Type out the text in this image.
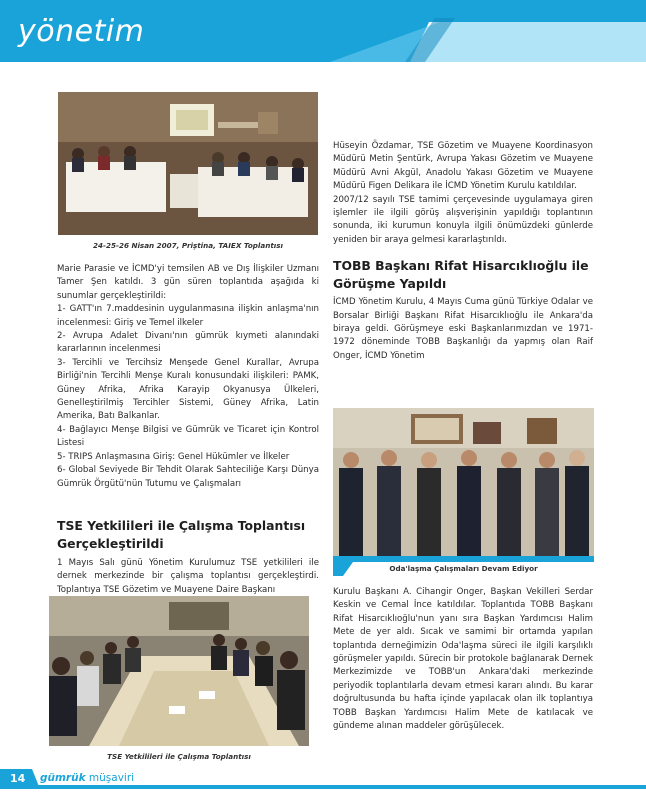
yönetim
24-25-26 Nisan 2007, Priştina, TAIEX Toplantısı

Marie Parasie ve İCMD'yi temsilen AB ve Dış İlişkiler Uzmanı Tamer Şen katıldı. 3 gün süren toplantıda aşağıda ki sunumlar gerçekleştirildi:

1- GATT'ın 7.maddesinin uygulanmasına ilişkin anlaşma'nın incelenmesi: Giriş ve Temel ilkeler

2- Avrupa Adalet Divanı'nın gümrük kıymeti alanındaki kararlarının incelenmesi

3- Tercihli ve Tercihsiz Menşede Genel Kurallar, Avrupa Birliği'nin Tercihli Menşe Kuralı konusundaki ilişkileri: PAMK, Güney Afrika, Afrika Karayip Okyanusya Ülkeleri, Genelleştirilmiş Tercihler Sistemi, Güney Afrika, Latin Amerika, Batı Balkanlar.

4- Bağlayıcı Menşe Bilgisi ve Gümrük ve Ticaret için Kontrol Listesi

5- TRIPS Anlaşmasına Giriş: Genel Hükümler ve İlkeler

6- Global Seviyede Bir Tehdit Olarak Sahteciliğe Karşı Dünya Gümrük Örgütü'nün Tutumu ve Çalışmaları

TSE Yetkilileri ile Çalışma Toplantısı Gerçekleştirildi

1 Mayıs Salı günü Yönetim Kurulumuz TSE yetkilileri ile dernek merkezinde bir çalışma toplantısı gerçekleştirdi. Toplantıya TSE Gözetim ve Muayene Daire Başkanı

TSE Yetkilileri ile Çalışma Toplantısı

Hüseyin Özdamar, TSE Gözetim ve Muayene Koordinasyon Müdürü Metin Şentürk, Avrupa Yakası Gözetim ve Muayene Müdürü Avni Akgül, Anadolu Yakası Gözetim ve Muayene Müdürü Figen Delikara ile İCMD Yönetim Kurulu katıldılar.

2007/12 sayılı TSE tamimi çerçevesinde uygulamaya giren işlemler ile ilgili görüş alışverişinin yapıldığı toplantının sonunda, iki kurumun konuyla ilgili önümüzdeki günlerde yeniden bir araya gelmesi kararlaştırıldı.

TOBB Başkanı Rifat Hisarcıklıoğlu ile Görüşme Yapıldı

İCMD Yönetim Kurulu, 4 Mayıs Cuma günü Türkiye Odalar ve Borsalar Birliği Başkanı Rifat Hisarcıklıoğlu ile Ankara'da biraya geldi. Görüşmeye eski Başkanlarımızdan ve 1971-1972 döneminde TOBB Başkanlığı da yapmış olan Raif Onger, İCMD Yönetim

Oda'laşma Çalışmaları Devam Ediyor

Kurulu Başkanı A. Cihangir Onger, Başkan Vekilleri Serdar Keskin ve Cemal İnce katıldılar. Toplantıda TOBB Başkanı Rifat Hisarcıklıoğlu'nun yanı sıra Başkan Yardımcısı Halim Mete de yer aldı. Sıcak ve samimi bir ortamda yapılan toplantıda derneğimizin Oda'laşma süreci ile ilgili karşılıklı görüşmeler yapıldı. Sürecin bir protokole bağlanarak Dernek Merkezimizde ve TOBB'un Ankara'daki merkezinde periyodik toplantılarla devam etmesi kararı alındı. Bu karar doğrultusunda bu hafta içinde yapılacak olan ilk toplantıya TOBB Başkan Yardımcısı Halim Mete de katılacak ve gündeme alınan maddeler görüşülecek.

14 gümrük müşaviri
